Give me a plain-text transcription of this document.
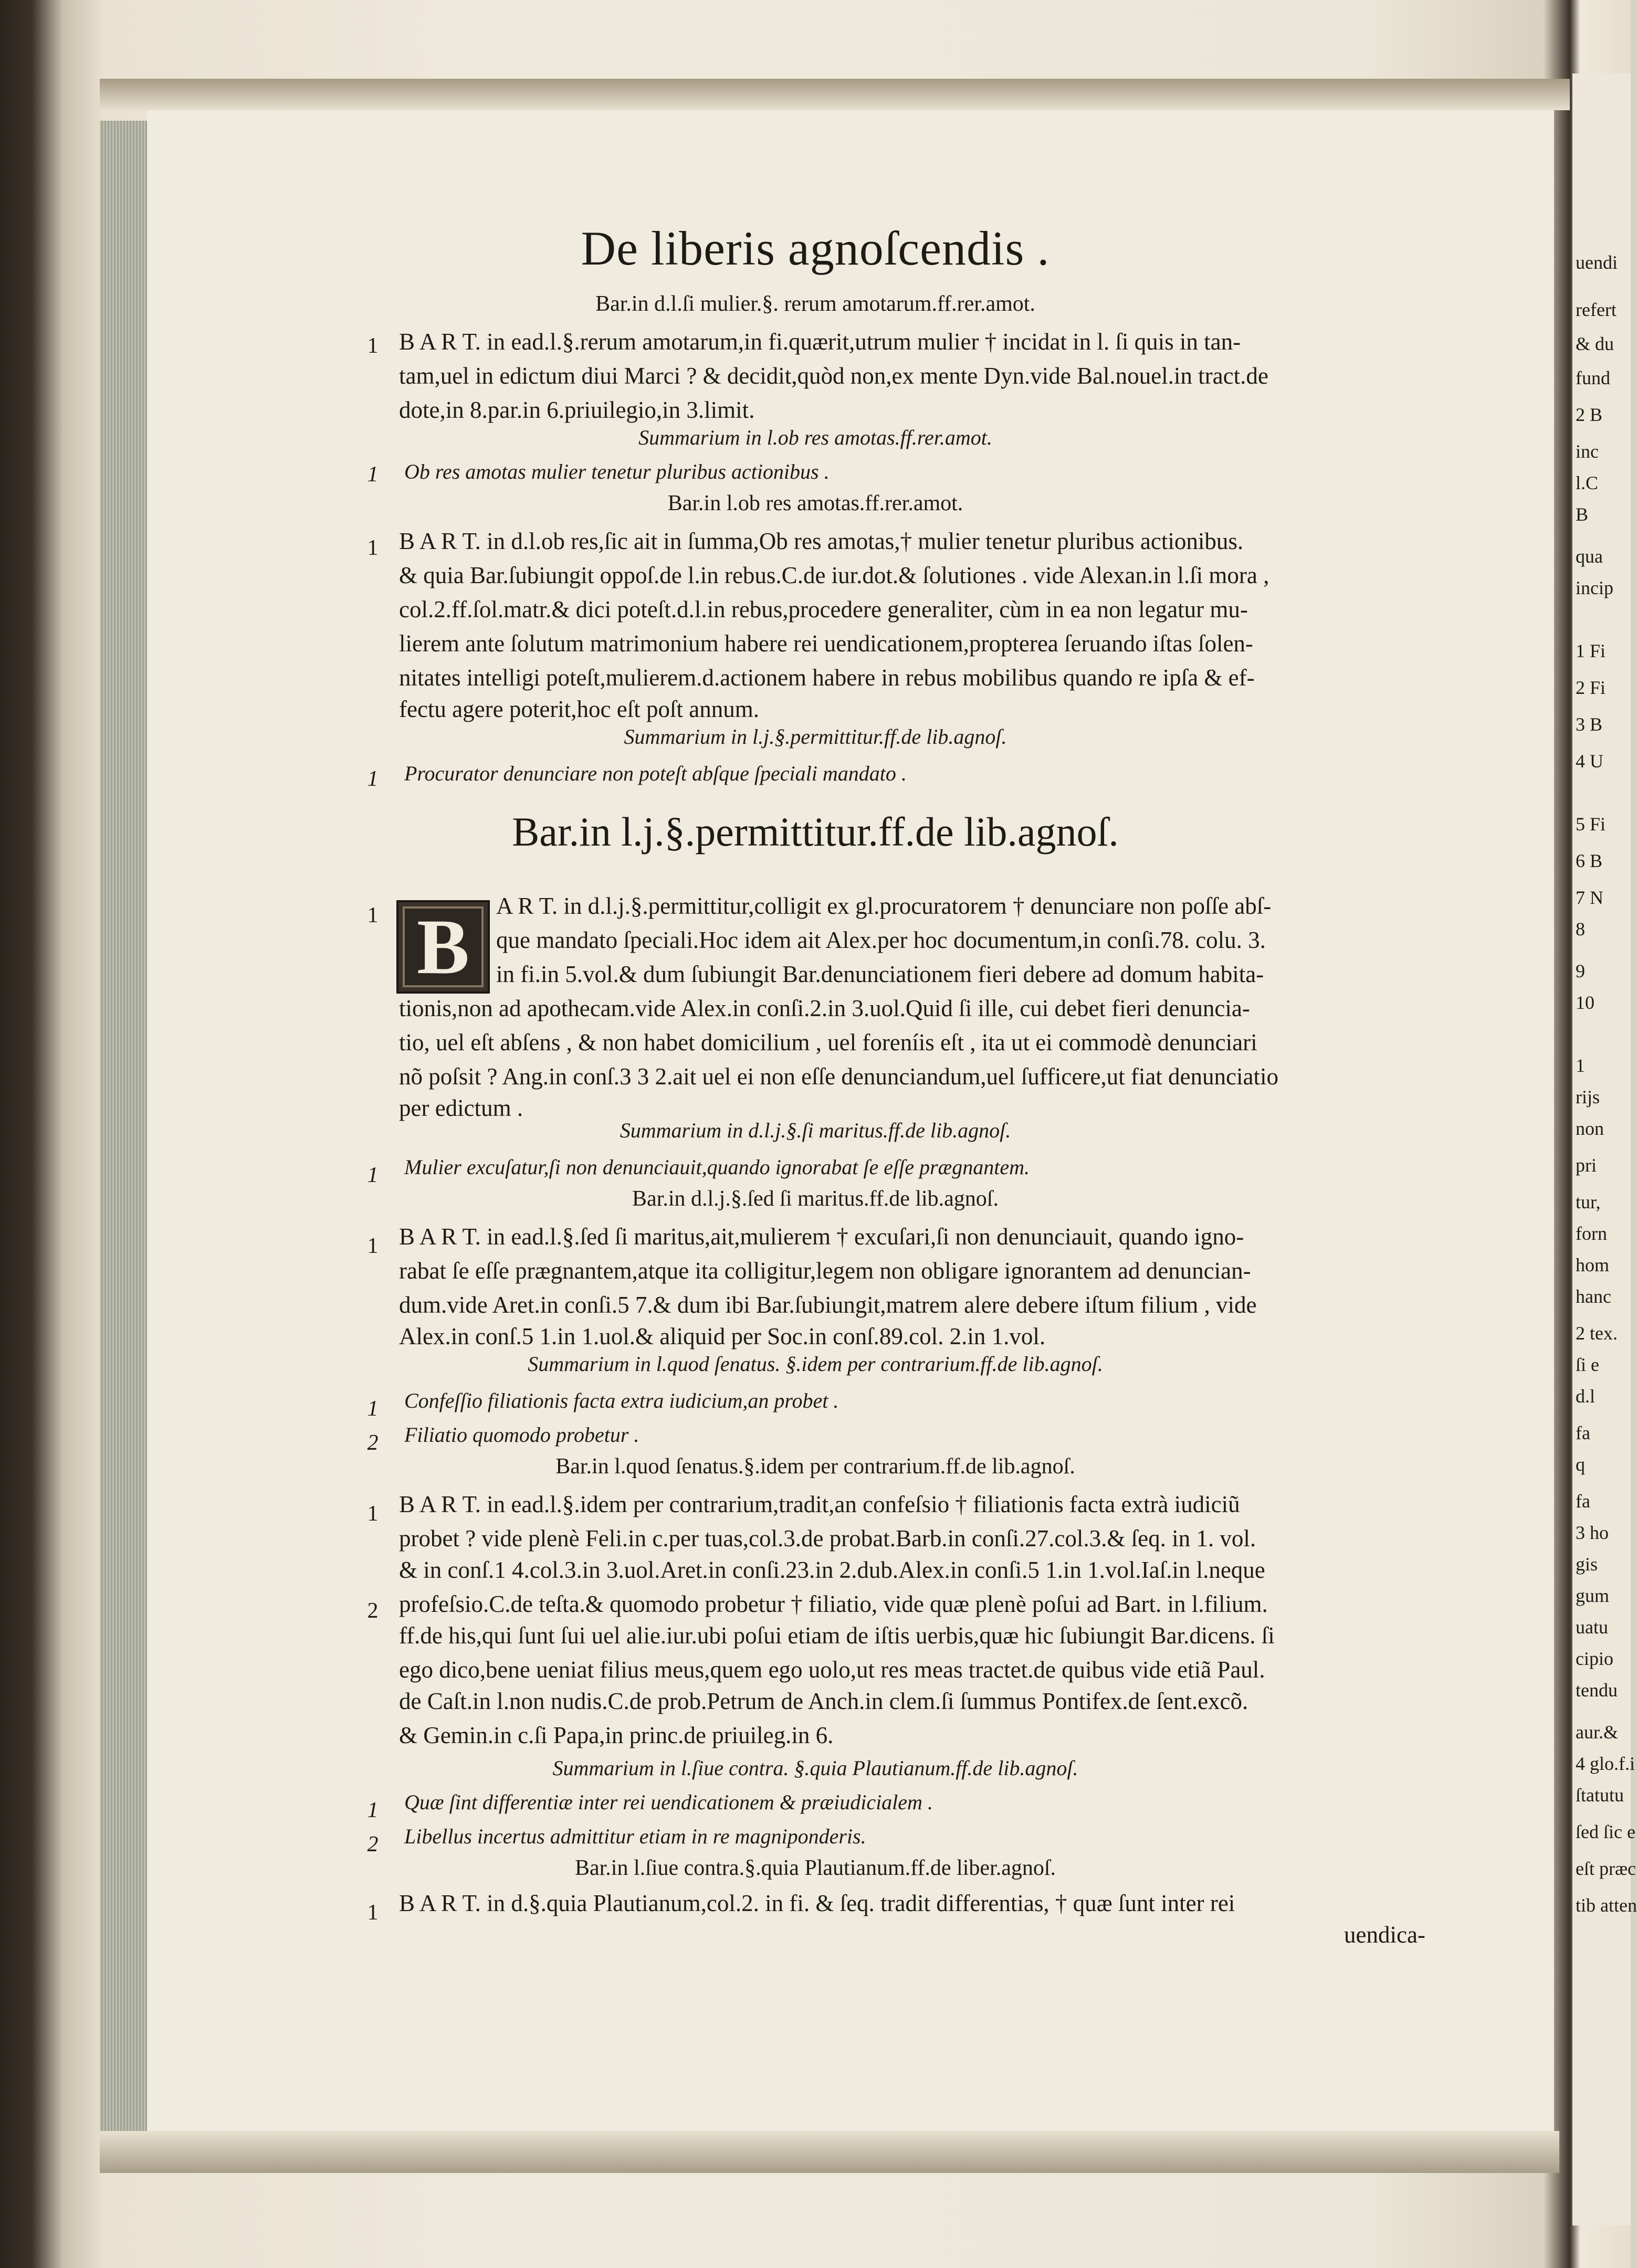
uendi
refert
& du
fund
2 B
inc
l.C
B
qua
incip
1 Fi
2 Fi
3 B
4 U
5 Fi
6 B
7 N
8
9
10
1
rijs
non
pri
tur,
forn
hom
hanc
2 tex.
ſi e
d.l
fa
q
fa
3 ho
gis
gum
uatu
cipio
tendu
aur.&
4 glo.f.i
ſtatutu
ſed ſic e
eſt præc
tib atten
De liberis agnoſcendis .
Bar.in d.l.ſi mulier.§. rerum amotarum.ff.rer.amot.
1 B A R T. in ead.l.§.rerum amotarum,in fi.quærit,utrum mulier † incidat in l. ſi quis in tan-
tam,uel in edictum diui Marci ? & decidit,quòd non,ex mente Dyn.vide Bal.nouel.in tract.de
dote,in 8.par.in 6.priuilegio,in 3.limit.
Summarium in l.ob res amotas.ff.rer.amot.
1 Ob res amotas mulier tenetur pluribus actionibus .
Bar.in l.ob res amotas.ff.rer.amot.
1 B A R T. in d.l.ob res,ſic ait in ſumma,Ob res amotas,† mulier tenetur pluribus actionibus.
& quia Bar.ſubiungit oppoſ.de l.in rebus.C.de iur.dot.& ſolutiones . vide Alexan.in l.ſi mora ,
col.2.ff.ſol.matr.& dici poteſt.d.l.in rebus,procedere generaliter, cùm in ea non legatur mu-
lierem ante ſolutum matrimonium habere rei uendicationem,propterea ſeruando iſtas ſolen-
nitates intelligi poteſt,mulierem.d.actionem habere in rebus mobilibus quando re ipſa & ef-
fectu agere poterit,hoc eſt poſt annum.
Summarium in l.j.§.permittitur.ff.de lib.agnoſ.
1 Procurator denunciare non poteſt abſque ſpeciali mandato .
Bar.in l.j.§.permittitur.ff.de lib.agnoſ.
1 B	A R T. in d.l.j.§.permittitur,colligit ex gl.procuratorem † denunciare non poſſe abſ-
que mandato ſpeciali.Hoc idem ait Alex.per hoc documentum,in conſi.78. colu. 3.
in fi.in 5.vol.& dum ſubiungit Bar.denunciationem fieri debere ad domum habita-
tionis,non ad apothecam.vide Alex.in conſi.2.in 3.uol.Quid ſi ille, cui debet fieri denuncia-
tio, uel eſt abſens , & non habet domicilium , uel foreníis eſt , ita ut ei commodè denunciari
nõ poſsit ? Ang.in conſ.3 3 2.ait uel ei non eſſe denunciandum,uel ſufficere,ut fiat denunciatio
per edictum .
Summarium in d.l.j.§.ſi maritus.ff.de lib.agnoſ.
1 Mulier excuſatur,ſi non denunciauit,quando ignorabat ſe eſſe prægnantem.
Bar.in d.l.j.§.ſed ſi maritus.ff.de lib.agnoſ.
1 B A R T. in ead.l.§.ſed ſi maritus,ait,mulierem † excuſari,ſi non denunciauit, quando igno-
rabat ſe eſſe prægnantem,atque ita colligitur,legem non obligare ignorantem ad denuncian-
dum.vide Aret.in conſi.5 7.& dum ibi Bar.ſubiungit,matrem alere debere iſtum filium , vide
Alex.in conſ.5 1.in 1.uol.& aliquid per Soc.in conſ.89.col. 2.in 1.vol.
Summarium in l.quod ſenatus. §.idem per contrarium.ff.de lib.agnoſ.
1 Confeſſio filiationis facta extra iudicium,an probet .
2 Filiatio quomodo probetur .
Bar.in l.quod ſenatus.§.idem per contrarium.ff.de lib.agnoſ.
1 B A R T. in ead.l.§.idem per contrarium,tradit,an confeſsio † filiationis facta extrà iudiciũ
probet ? vide plenè Feli.in c.per tuas,col.3.de probat.Barb.in conſi.27.col.3.& ſeq. in 1. vol.
& in conſ.1 4.col.3.in 3.uol.Aret.in conſi.23.in 2.dub.Alex.in conſi.5 1.in 1.vol.Iaſ.in l.neque
2 profeſsio.C.de teſta.& quomodo probetur † filiatio, vide quæ plenè poſui ad Bart. in l.filium.
ff.de his,qui ſunt ſui uel alie.iur.ubi poſui etiam de iſtis uerbis,quæ hic ſubiungit Bar.dicens. ſi
ego dico,bene ueniat filius meus,quem ego uolo,ut res meas tractet.de quibus vide etiã Paul.
de Caſt.in l.non nudis.C.de prob.Petrum de Anch.in clem.ſi ſummus Pontifex.de ſent.excõ.
& Gemin.in c.ſi Papa,in princ.de priuileg.in 6.
Summarium in l.ſiue contra. §.quia Plautianum.ff.de lib.agnoſ.
1 Quæ ſint differentiæ inter rei uendicationem & præiudicialem .
2 Libellus incertus admittitur etiam in re magniponderis.
Bar.in l.ſiue contra.§.quia Plautianum.ff.de liber.agnoſ.
1 B A R T. in d.§.quia Plautianum,col.2. in fi. & ſeq. tradit differentias, † quæ ſunt inter rei
uendica-
